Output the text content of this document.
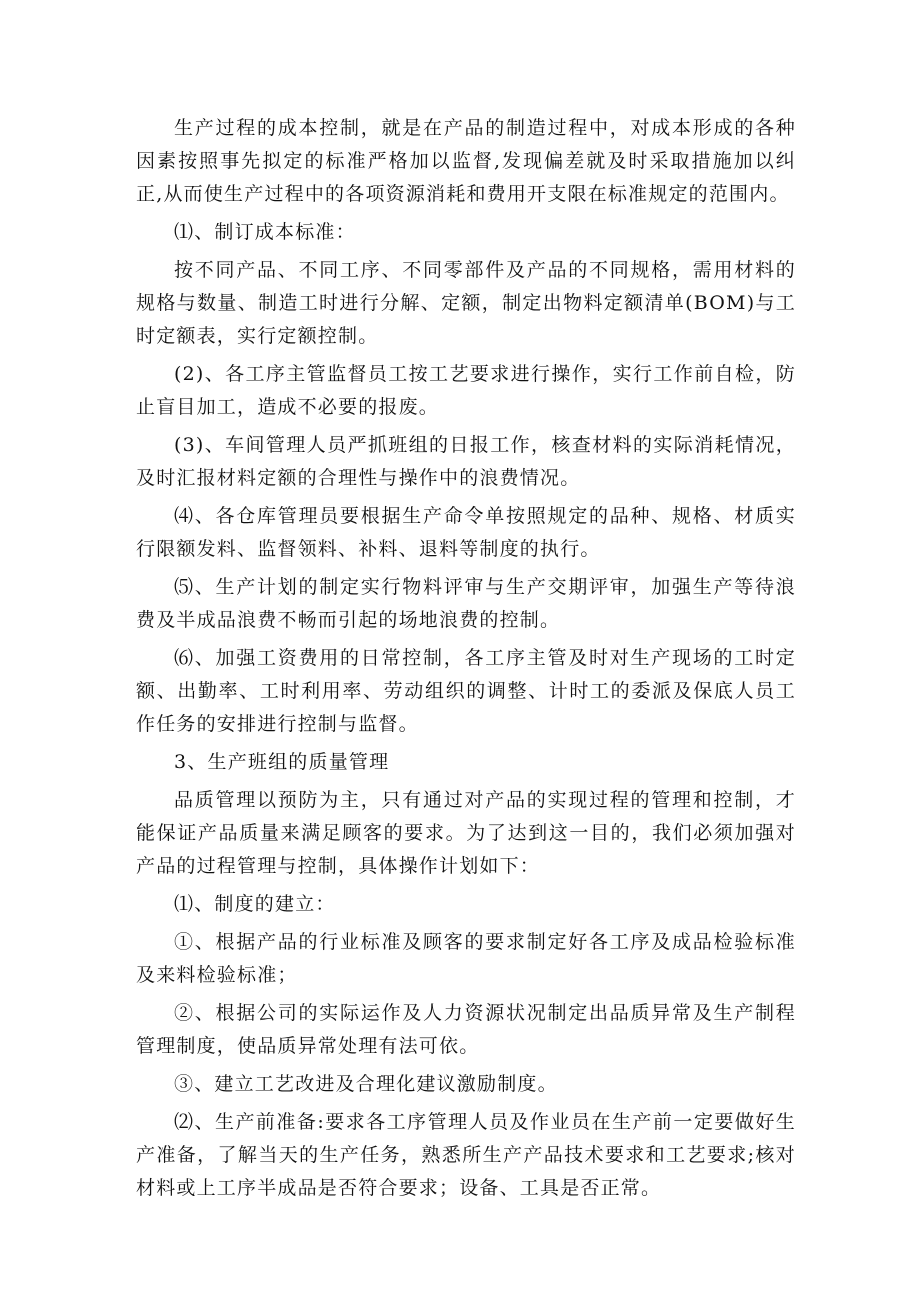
生产过程的成本控制，就是在产品的制造过程中，对成本形成的各种因素按照事先拟定的标准严格加以监督,发现偏差就及时采取措施加以纠正,从而使生产过程中的各项资源消耗和费用开支限在标准规定的范围内。

⑴、制订成本标准：

按不同产品、不同工序、不同零部件及产品的不同规格，需用材料的规格与数量、制造工时进行分解、定额，制定出物料定额清单(BOM)与工时定额表，实行定额控制。

(2)、各工序主管监督员工按工艺要求进行操作，实行工作前自检，防止盲目加工，造成不必要的报废。

(3)、车间管理人员严抓班组的日报工作，核查材料的实际消耗情况，及时汇报材料定额的合理性与操作中的浪费情况。

⑷、各仓库管理员要根据生产命令单按照规定的品种、规格、材质实行限额发料、监督领料、补料、退料等制度的执行。

⑸、生产计划的制定实行物料评审与生产交期评审，加强生产等待浪费及半成品浪费不畅而引起的场地浪费的控制。

⑹、加强工资费用的日常控制，各工序主管及时对生产现场的工时定额、出勤率、工时利用率、劳动组织的调整、计时工的委派及保底人员工作任务的安排进行控制与监督。

3、生产班组的质量管理

品质管理以预防为主，只有通过对产品的实现过程的管理和控制，才能保证产品质量来满足顾客的要求。为了达到这一目的，我们必须加强对产品的过程管理与控制，具体操作计划如下：

⑴、制度的建立：

①、根据产品的行业标准及顾客的要求制定好各工序及成品检验标准及来料检验标准；

②、根据公司的实际运作及人力资源状况制定出品质异常及生产制程管理制度，使品质异常处理有法可依。

③、建立工艺改进及合理化建议激励制度。

⑵、生产前准备:要求各工序管理人员及作业员在生产前一定要做好生产准备，了解当天的生产任务，熟悉所生产产品技术要求和工艺要求;核对材料或上工序半成品是否符合要求；设备、工具是否正常。
